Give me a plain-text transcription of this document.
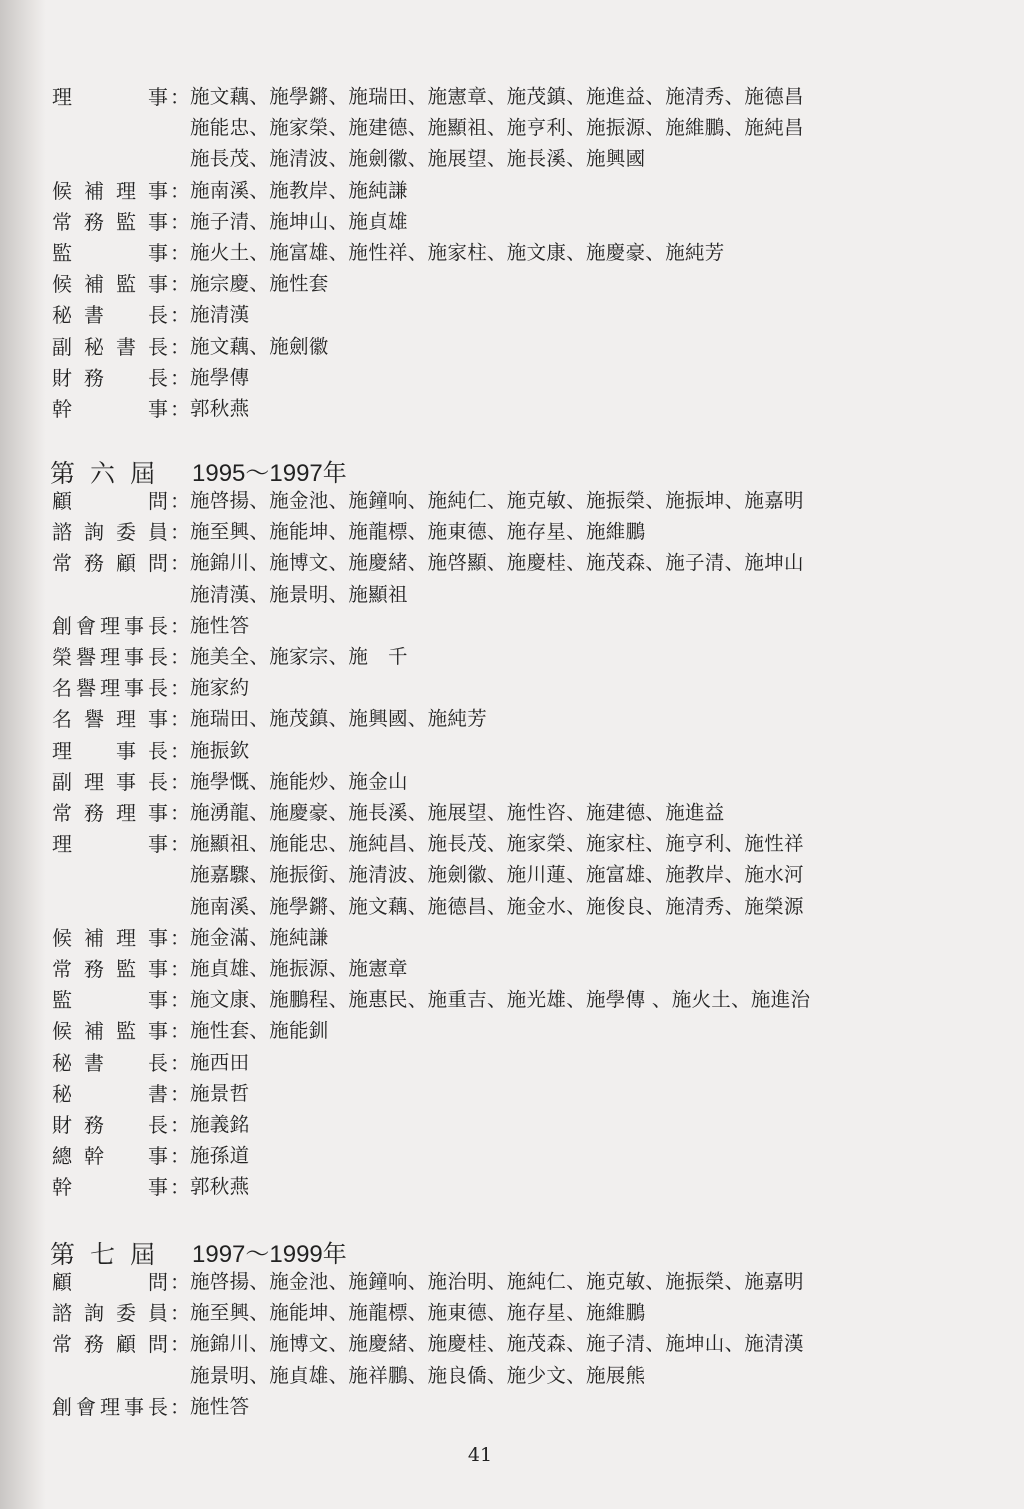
理	事 ： 施文藕、施學鏘、施瑞田、施憲章、施茂鎮、施進益、施清秀、施德昌
施能忠、施家榮、施建德、施顯祖、施亨利、施振源、施維鵬、施純昌
施長茂、施清波、施劍徽、施展望、施長溪、施興國
候 補 理 事 ： 施南溪、施教岸、施純謙
常 務 監 事 ： 施子清、施坤山、施貞雄
監	事 ： 施火土、施富雄、施性祥、施家柱、施文康、施慶豪、施純芳
候 補 監 事 ： 施宗慶、施性套
秘 書 長 ： 施清漢
副 秘 書 長 ： 施文藕、施劍徽
財 務 長 ： 施學傳
幹	事 ： 郭秋燕
第 六 屆 1995～1997年
顧	問 ： 施啓揚、施金池、施鐘响、施純仁、施克敏、施振榮、施振坤、施嘉明
諮 詢 委 員 ： 施至興、施能坤、施龍標、施東德、施存星、施維鵬
常 務 顧 問 ： 施錦川、施博文、施慶緒、施啓顯、施慶桂、施茂森、施子清、施坤山
施清漢、施景明、施顯祖
創 會 理 事 長 ： 施性答
榮 譽 理 事 長 ： 施美全、施家宗、施　千
名 譽 理 事 長 ： 施家約
名 譽 理 事 ： 施瑞田、施茂鎮、施興國、施純芳
理 事 長 ： 施振欽
副 理 事 長 ： 施學慨、施能炒、施金山
常 務 理 事 ： 施湧龍、施慶豪、施長溪、施展望、施性咨、施建德、施進益
理	事 ： 施顯祖、施能忠、施純昌、施長茂、施家榮、施家柱、施亨利、施性祥
施嘉驟、施振銜、施清波、施劍徽、施川蓮、施富雄、施教岸、施水河
施南溪、施學鏘、施文藕、施德昌、施金水、施俊良、施清秀、施榮源
候 補 理 事 ： 施金滿、施純謙
常 務 監 事 ： 施貞雄、施振源、施憲章
監	事 ： 施文康、施鵬程、施惠民、施重吉、施光雄、施學傳 、施火土、施進治
候 補 監 事 ： 施性套、施能釧
秘 書 長 ： 施西田
秘	書 ： 施景哲
財 務 長 ： 施義銘
總 幹 事 ： 施孫道
幹	事 ： 郭秋燕
第 七 屆 1997～1999年
顧	問 ： 施啓揚、施金池、施鐘响、施治明、施純仁、施克敏、施振榮、施嘉明
諮 詢 委 員 ： 施至興、施能坤、施龍標、施東德、施存星、施維鵬
常 務 顧 問 ： 施錦川、施博文、施慶緒、施慶桂、施茂森、施子清、施坤山、施清漢
施景明、施貞雄、施祥鵬、施良僑、施少文、施展熊
創 會 理 事 長 ： 施性答
41
